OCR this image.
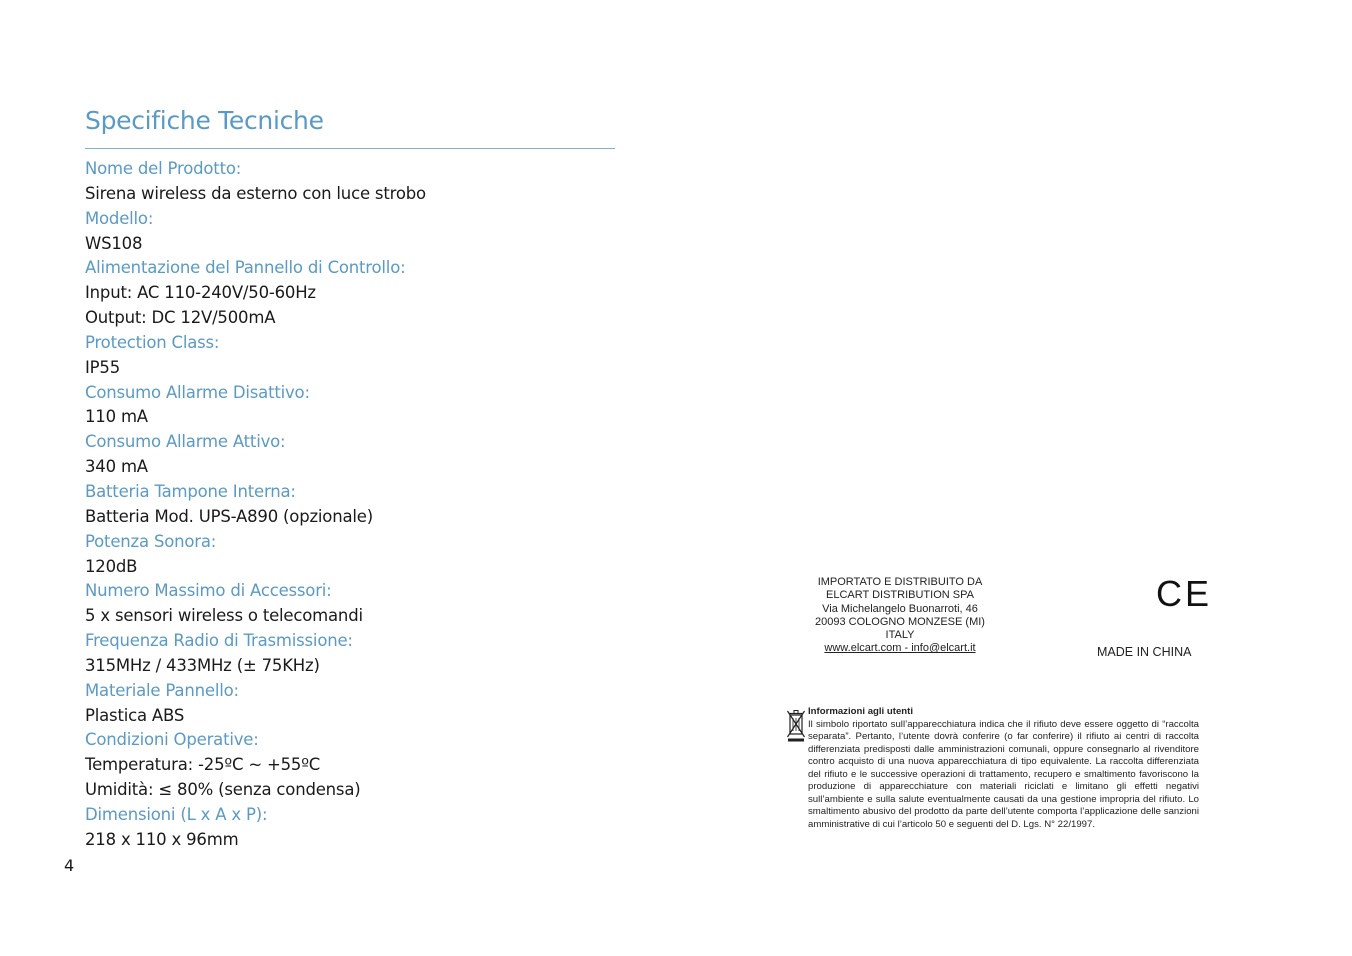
Specifiche Tecniche
Nome del Prodotto:
Sirena wireless da esterno con luce strobo
Modello:
WS108
Alimentazione del Pannello di Controllo:
Input: AC 110-240V/50-60Hz
Output: DC 12V/500mA
Protection Class:
IP55
Consumo Allarme Disattivo:
110 mA
Consumo Allarme Attivo:
340 mA
Batteria Tampone Interna:
Batteria Mod. UPS-A890 (opzionale)
Potenza Sonora:
120dB
Numero Massimo di Accessori:
5 x sensori wireless o telecomandi
Frequenza Radio di Trasmissione:
315MHz / 433MHz (± 75KHz)
Materiale Pannello:
Plastica ABS
Condizioni Operative:
Temperatura: -25ºC ~ +55ºC
Umidità: ≤ 80% (senza condensa)
Dimensioni (L x A x P):
218 x 110 x 96mm
4
IMPORTATO E DISTRIBUITO DA
ELCART DISTRIBUTION SPA
Via Michelangelo Buonarroti, 46
20093 COLOGNO MONZESE (MI)
ITALY
www.elcart.com - info@elcart.it
CE
MADE IN CHINA
Informazioni agli utenti
Il simbolo riportato sull’apparecchiatura indica che il rifiuto deve essere oggetto di “raccolta separata”. Pertanto, l’utente dovrà conferire (o far conferire) il rifiuto ai centri di raccolta differenziata predisposti dalle amministrazioni comunali, oppure consegnarlo al rivenditore contro acquisto di una nuova apparecchiatura di tipo equivalente. La raccolta differenziata del rifiuto e le successive operazioni di trattamento, recupero e smaltimento favoriscono la produzione di apparecchiature con materiali riciclati e limitano gli effetti negativi sull’ambiente e sulla salute eventualmente causati da una gestione impropria del rifiuto. Lo smaltimento abusivo del prodotto da parte dell’utente comporta l’applicazione delle sanzioni amministrative di cui l’articolo 50 e seguenti del D. Lgs. N° 22/1997.
